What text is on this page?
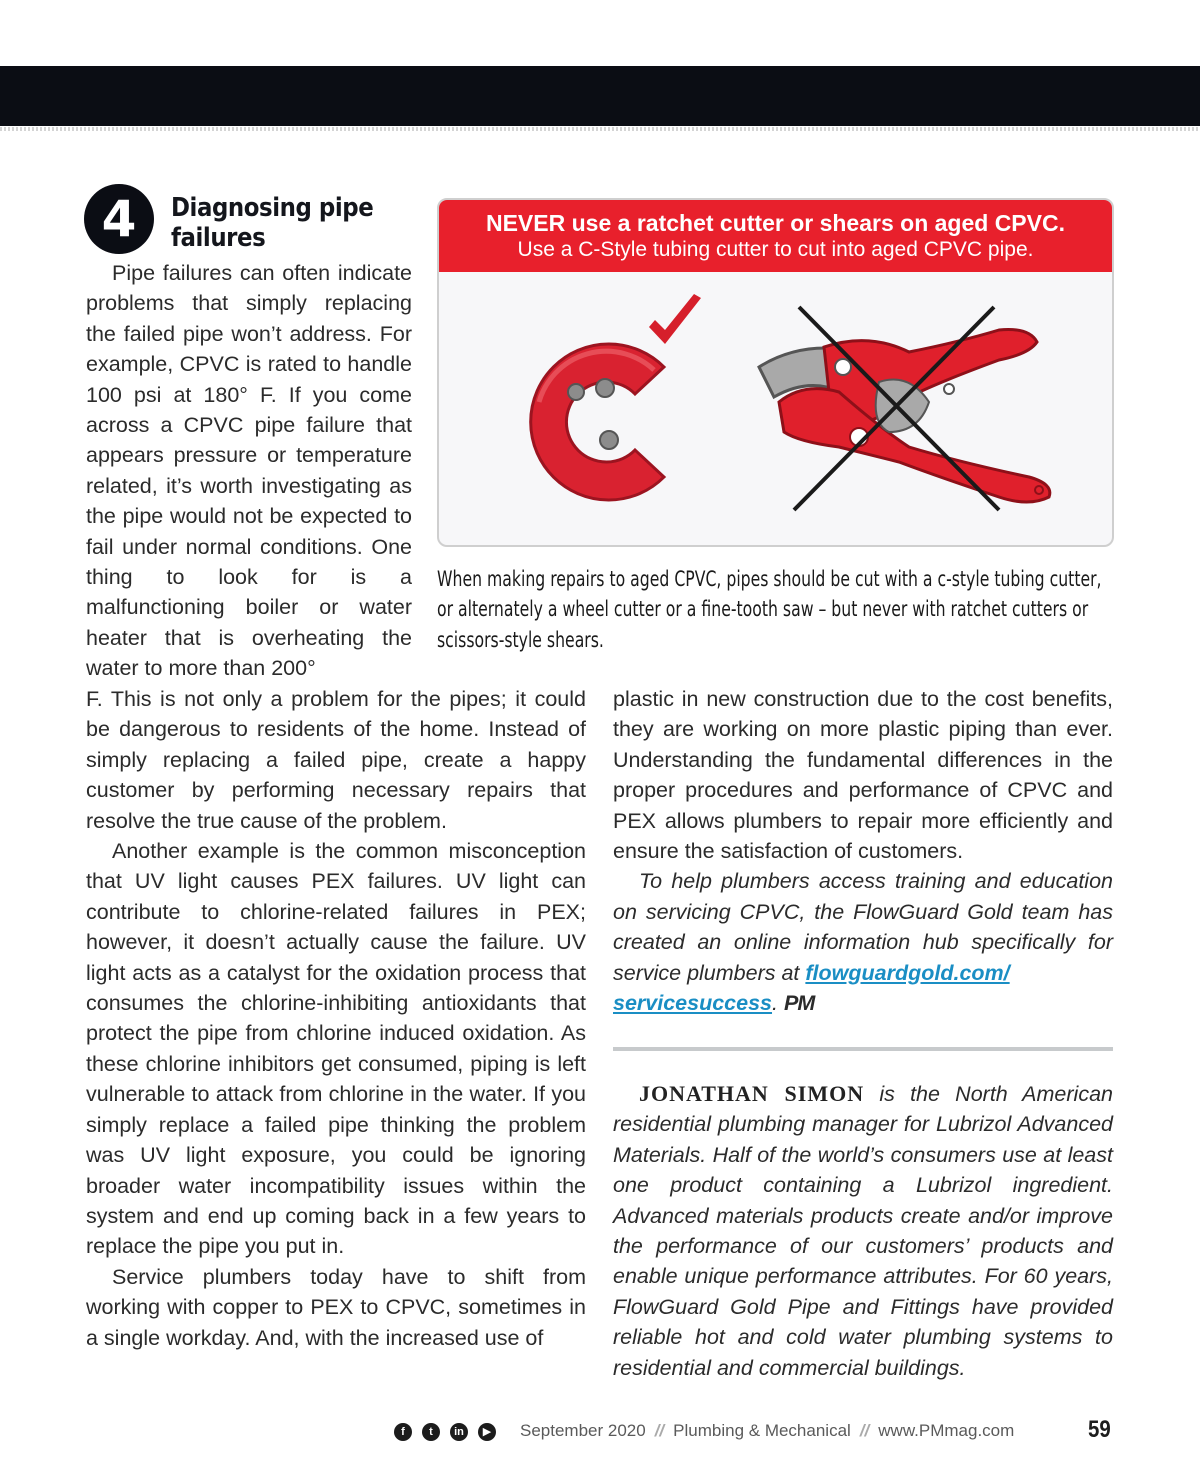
4	Diagnosing pipe failures

Pipe failures can often indicate problems that simply replacing the failed pipe won’t address. For example, CPVC is rated to handle 100 psi at 180° F. If you come across a CPVC pipe failure that appears pressure or temperature related, it’s worth investigating as the pipe would not be expected to fail under normal conditions. One thing to look for is a malfunctioning boiler or water heater that is overheating the water to more than 200°

NEVER use a ratchet cutter or shears on aged CPVC.
Use a C-Style tubing cutter to cut into aged CPVC pipe.

When making repairs to aged CPVC, pipes should be cut with a c-style tubing cutter, or alternately a wheel cutter or a fine-tooth saw – but never with ratchet cutters or scissors-style shears.

F. This is not only a problem for the pipes; it could be dangerous to residents of the home. Instead of simply replacing a failed pipe, create a happy customer by performing necessary repairs that resolve the true cause of the problem.

Another example is the common misconception that UV light causes PEX failures. UV light can contribute to chlorine-related failures in PEX; however, it doesn’t actually cause the failure. UV light acts as a catalyst for the oxidation process that consumes the chlorine-inhibiting antioxidants that protect the pipe from chlorine induced oxidation. As these chlorine inhibitors get consumed, piping is left vulnerable to attack from chlorine in the water. If you simply replace a failed pipe thinking the problem was UV light exposure, you could be ignoring broader water incompatibility issues within the system and end up coming back in a few years to replace the pipe you put in.

Service plumbers today have to shift from working with copper to PEX to CPVC, sometimes in a single workday. And, with the increased use of

plastic in new construction due to the cost benefits, they are working on more plastic piping than ever. Understanding the fundamental differences in the proper procedures and performance of CPVC and PEX allows plumbers to repair more efficiently and ensure the satisfaction of customers.

To help plumbers access training and education on servicing CPVC, the FlowGuard Gold team has created an online information hub specifically for service plumbers at flowguardgold.com/
servicesuccess. PM

JONATHAN SIMON is the North American residential plumbing manager for Lubrizol Advanced Materials. Half of the world’s consumers use at least one product containing a Lubrizol ingredient. Advanced materials products create and/or improve the performance of our customers’ products and enable unique performance attributes. For 60 years, FlowGuard Gold Pipe and Fittings have provided reliable hot and cold water plumbing systems to residential and commercial buildings.

f	t	in	▶ September 2020 // Plumbing & Mechanical // www.PMmag.com	59
